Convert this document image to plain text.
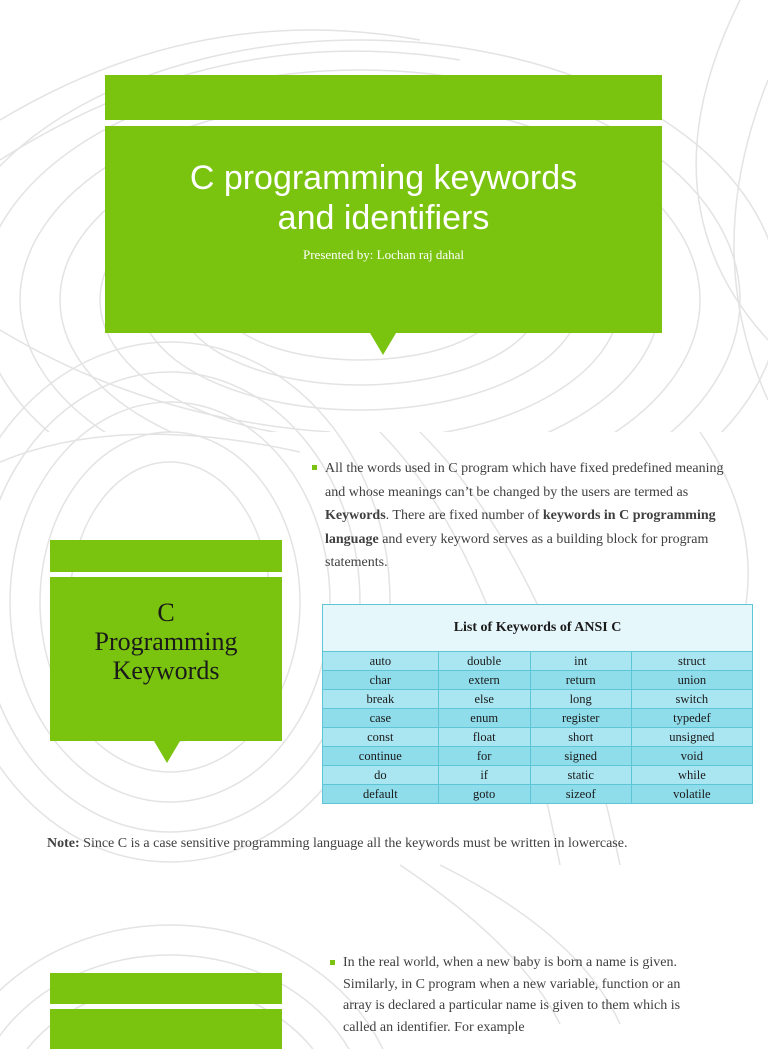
C programming keywords
and identifiers
Presented by: Lochan raj dahal
C
Programming
Keywords
All the words used in C program which have fixed predefined meaning and whose meanings can’t be changed by the users are termed as Keywords. There are fixed number of keywords in C programming language and every keyword serves as a building block for program statements.
List of Keywords of ANSI C			
auto	double	int	struct
char	extern	return	union
break	else	long	switch
case	enum	register	typedef
const	float	short	unsigned
continue	for	signed	void
do	if	static	while
default	goto	sizeof	volatile
Note: Since C is a case sensitive programming language all the keywords must be written in lowercase.
In the real world, when a new baby is born a name is given.
Similarly, in C program when a new variable, function or an
array is declared a particular name is given to them which is
called an identifier. For example
